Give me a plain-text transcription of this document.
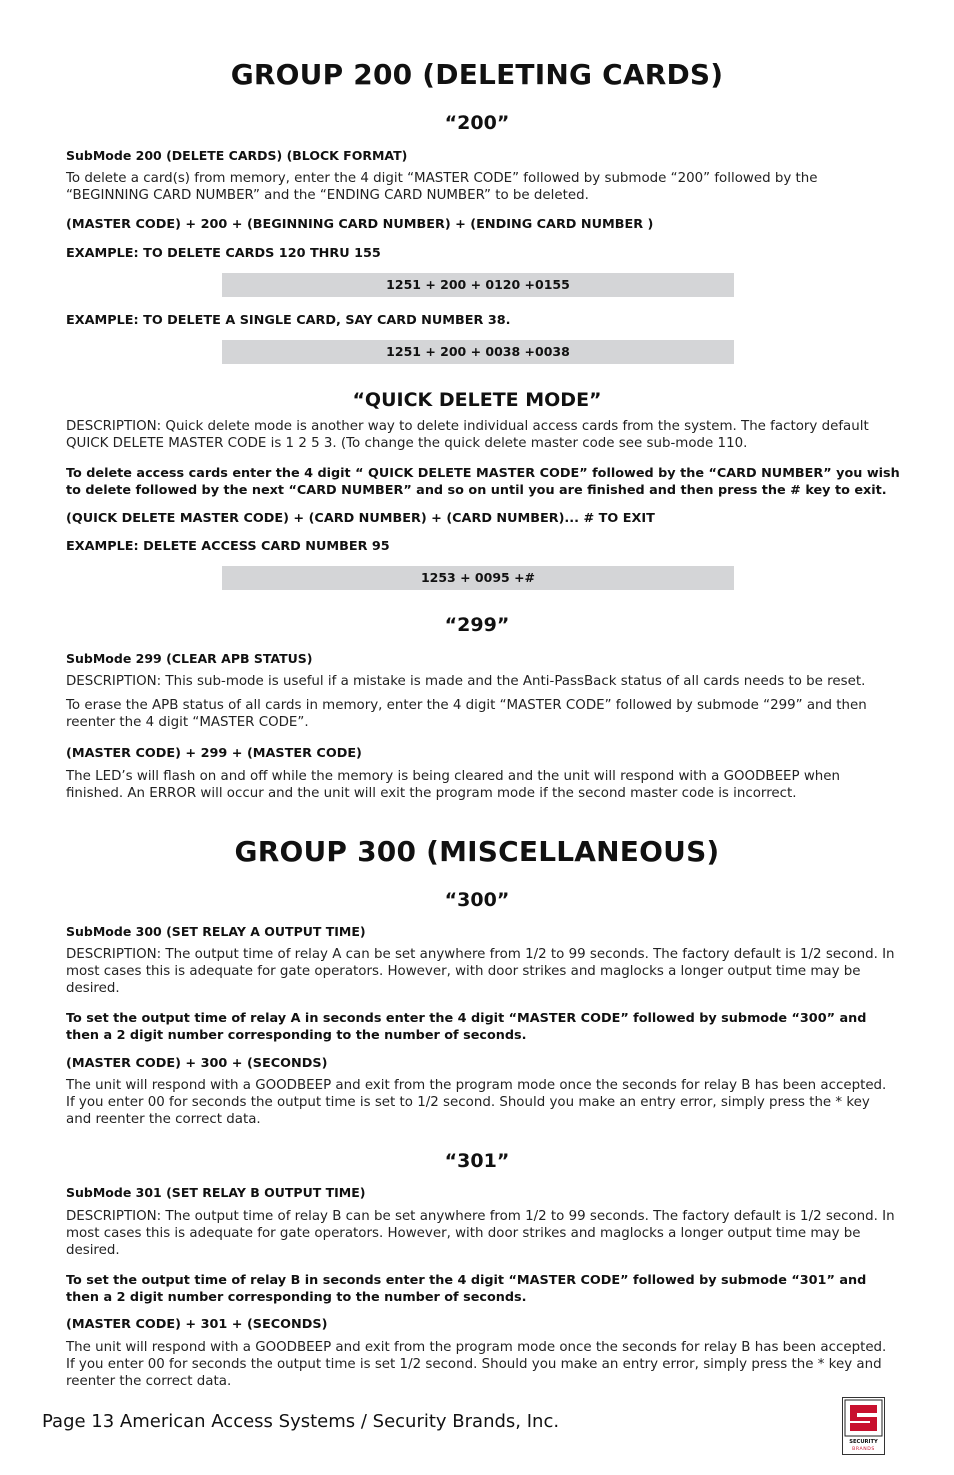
GROUP 200 (DELETING CARDS)
“200”
SubMode 200 (DELETE CARDS) (BLOCK FORMAT)
To delete a card(s) from memory, enter the 4 digit “MASTER CODE” followed by submode “200” followed by the “BEGINNING CARD NUMBER” and the “ENDING CARD NUMBER” to be deleted.
(MASTER CODE) + 200 + (BEGINNING CARD NUMBER) + (ENDING CARD NUMBER )
EXAMPLE: TO DELETE CARDS 120 THRU 155
1251 + 200 + 0120 +0155
EXAMPLE: TO DELETE A SINGLE CARD, SAY CARD NUMBER 38.
1251 + 200 + 0038 +0038
“QUICK DELETE MODE”
DESCRIPTION: Quick delete mode is another way to delete individual access cards from the system. The factory default QUICK DELETE MASTER CODE is 1 2 5 3. (To change the quick delete master code see sub-mode 110.
To delete access cards enter the 4 digit “ QUICK DELETE MASTER CODE” followed by the “CARD NUMBER” you wish to delete followed by the next “CARD NUMBER” and so on until you are finished and then press the # key to exit.
(QUICK DELETE MASTER CODE) + (CARD NUMBER) + (CARD NUMBER)... # TO EXIT
EXAMPLE: DELETE ACCESS CARD NUMBER 95
1253 + 0095 +#
“299”
SubMode 299 (CLEAR APB STATUS)
DESCRIPTION: This sub-mode is useful if a mistake is made and the Anti-PassBack status of all cards needs to be reset.
To erase the APB status of all cards in memory, enter the 4 digit “MASTER CODE” followed by submode “299” and then reenter the 4 digit “MASTER CODE”.
(MASTER CODE) + 299 + (MASTER CODE)
The LED’s will flash on and off while the memory is being cleared and the unit will respond with a GOODBEEP when finished. An ERROR will occur and the unit will exit the program mode if the second master code is incorrect.
GROUP 300 (MISCELLANEOUS)
“300”
SubMode 300 (SET RELAY A OUTPUT TIME)
DESCRIPTION: The output time of relay A can be set anywhere from 1/2 to 99 seconds. The factory default is 1/2 second. In most cases this is adequate for gate operators. However, with door strikes and maglocks a longer output time may be desired.
To set the output time of relay A in seconds enter the 4 digit “MASTER CODE” followed by submode “300” and then a 2 digit number corresponding to the number of seconds.
(MASTER CODE) + 300 + (SECONDS)
The unit will respond with a GOODBEEP and exit from the program mode once the seconds for relay B has been accepted. If you enter 00 for seconds the output time is set to 1/2 second. Should you make an entry error, simply press the * key and reenter the correct data.
“301”
SubMode 301 (SET RELAY B OUTPUT TIME)
DESCRIPTION: The output time of relay B can be set anywhere from 1/2 to 99 seconds. The factory default is 1/2 second. In most cases this is adequate for gate operators. However, with door strikes and maglocks a longer output time may be desired.
To set the output time of relay B in seconds enter the 4 digit “MASTER CODE” followed by submode “301” and then a 2 digit number corresponding to the number of seconds.
(MASTER CODE) + 301 + (SECONDS)
The unit will respond with a GOODBEEP and exit from the program mode once the seconds for relay B has been accepted. If you enter 00 for seconds the output time is set 1/2 second. Should you make an entry error, simply press the * key and reenter the correct data.
Page 13 American Access Systems / Security Brands, Inc.
SECURITY
BRANDS
